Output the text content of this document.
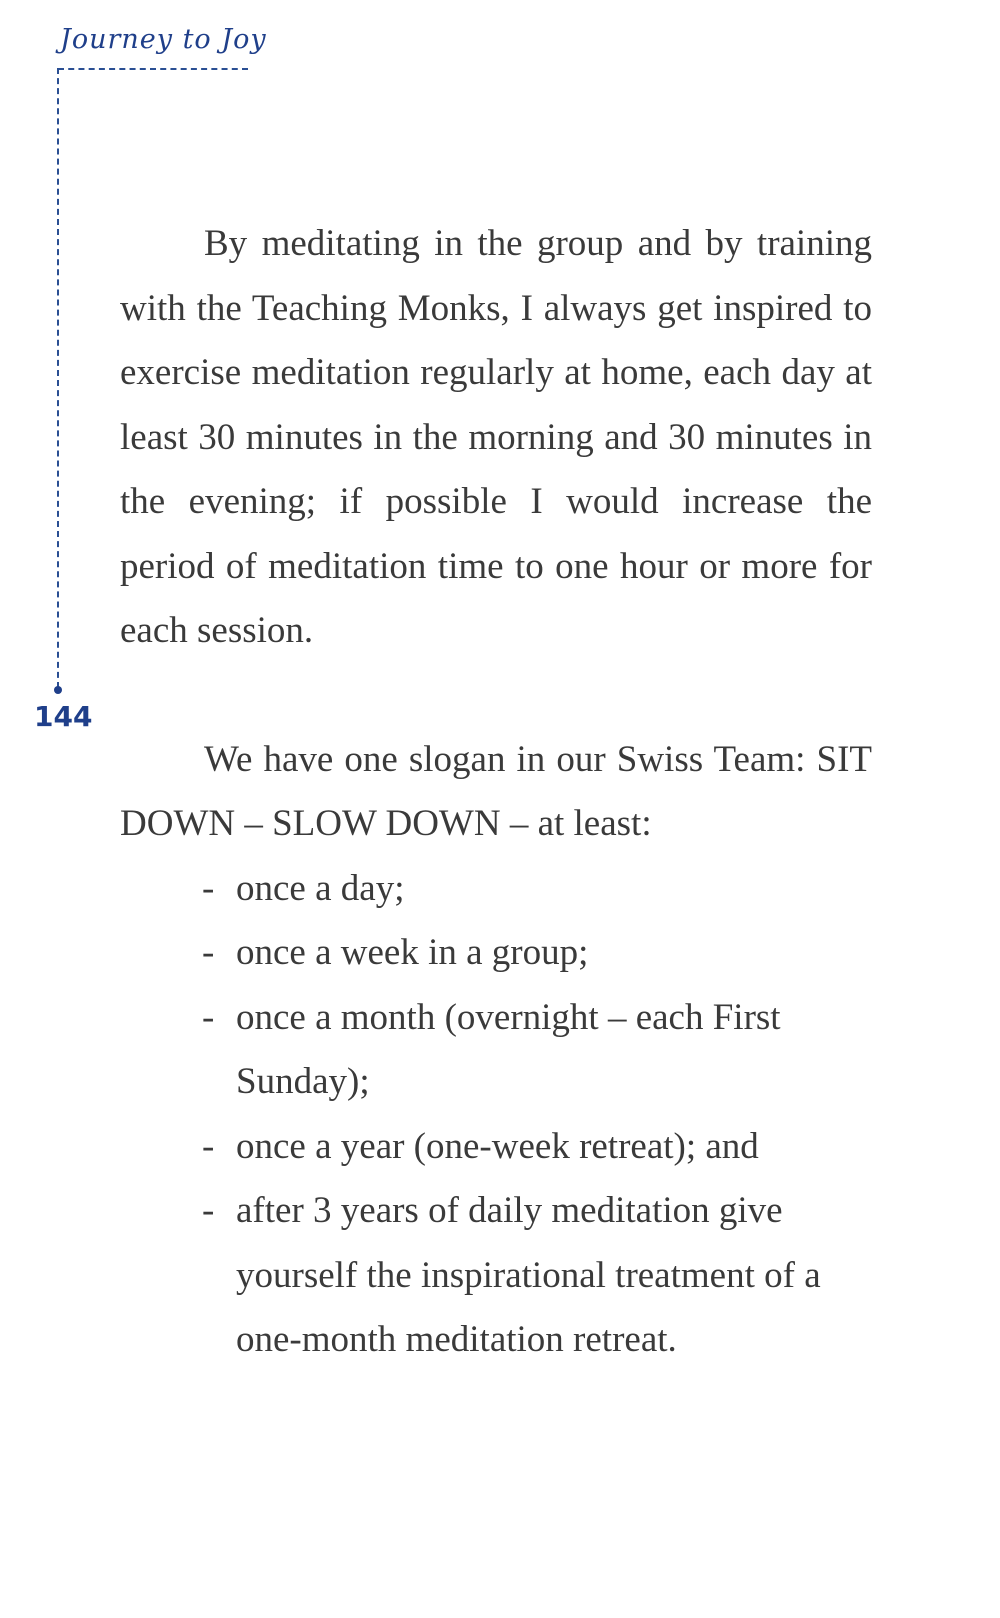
Journey to Joy
144

By meditating in the group and by training with the Teaching Monks, I always get inspired to exercise meditation regularly at home, each day at least 30 minutes in the morning and 30 minutes in the evening; if possible I would increase the period of meditation time to one hour or more for each session.

We have one slogan in our Swiss Team: SIT DOWN – SLOW DOWN – at least:

- once a day;
- once a week in a group;
- once a month (overnight – each First Sunday);
- once a year (one-week retreat); and
- after 3 years of daily meditation give yourself the inspirational treatment of a one-month meditation retreat.
